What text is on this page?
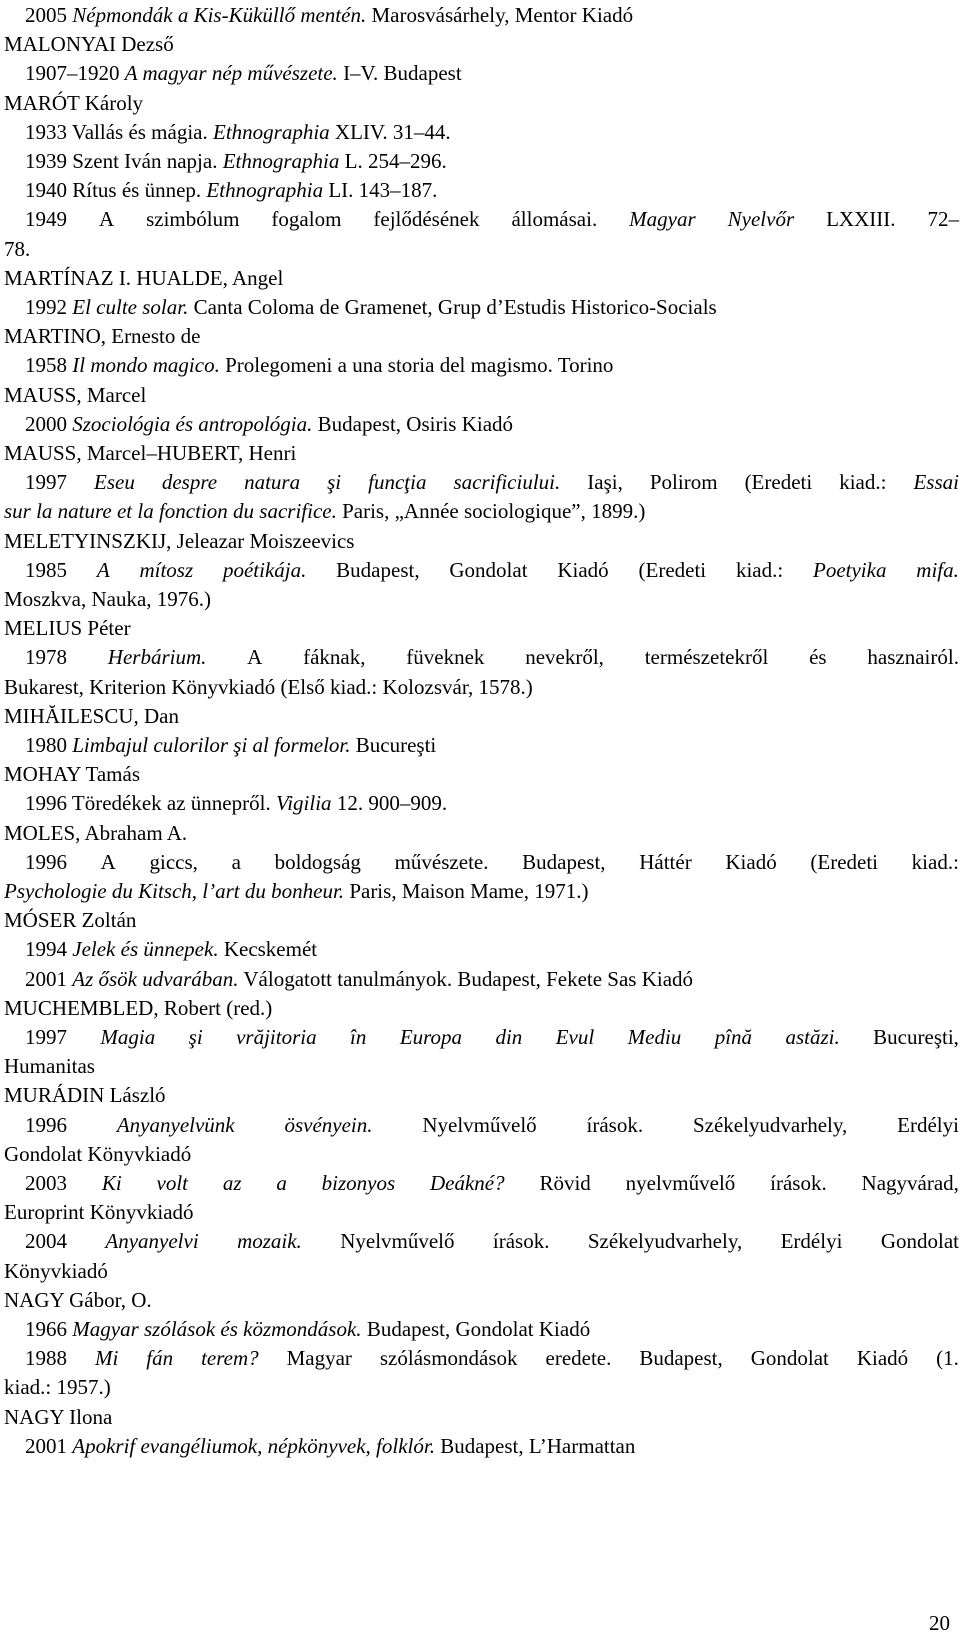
2005 Népmondák a Kis-Küküllő mentén. Marosvásárhely, Mentor Kiadó
MALONYAI Dezső
1907–1920 A magyar nép művészete. I–V. Budapest
MARÓT Károly
1933 Vallás és mágia. Ethnographia XLIV. 31–44.
1939 Szent Iván napja. Ethnographia L. 254–296.
1940 Rítus és ünnep. Ethnographia LI. 143–187.
1949 A szimbólum fogalom fejlődésének állomásai. Magyar Nyelvőr LXXIII. 72–
78.
MARTÍNAZ I. HUALDE, Angel
1992 El culte solar. Canta Coloma de Gramenet, Grup d’Estudis Historico-Socials
MARTINO, Ernesto de
1958 Il mondo magico. Prolegomeni a una storia del magismo. Torino
MAUSS, Marcel
2000 Szociológia és antropológia. Budapest, Osiris Kiadó
MAUSS, Marcel–HUBERT, Henri
1997 Eseu despre natura şi funcţia sacrificiului. Iaşi, Polirom (Eredeti kiad.: Essai
sur la nature et la fonction du sacrifice. Paris, „Année sociologique”, 1899.)
MELETYINSZKIJ, Jeleazar Moiszeevics
1985 A mítosz poétikája. Budapest, Gondolat Kiadó (Eredeti kiad.: Poetyika mifa.
Moszkva, Nauka, 1976.)
MELIUS Péter
1978 Herbárium. A fáknak, füveknek nevekről, természetekről és hasznairól.
Bukarest, Kriterion Könyvkiadó (Első kiad.: Kolozsvár, 1578.)
MIHĂILESCU, Dan
1980 Limbajul culorilor şi al formelor. Bucureşti
MOHAY Tamás
1996 Töredékek az ünnepről. Vigilia 12. 900–909.
MOLES, Abraham A.
1996 A giccs, a boldogság művészete. Budapest, Háttér Kiadó (Eredeti kiad.:
Psychologie du Kitsch, l’art du bonheur. Paris, Maison Mame, 1971.)
MÓSER Zoltán
1994 Jelek és ünnepek. Kecskemét
2001 Az ősök udvarában. Válogatott tanulmányok. Budapest, Fekete Sas Kiadó
MUCHEMBLED, Robert (red.)
1997 Magia şi vrăjitoria în Europa din Evul Mediu pînă astăzi. Bucureşti,
Humanitas
MURÁDIN László
1996 Anyanyelvünk ösvényein. Nyelvművelő írások. Székelyudvarhely, Erdélyi
Gondolat Könyvkiadó
2003 Ki volt az a bizonyos Deákné? Rövid nyelvművelő írások. Nagyvárad,
Europrint Könyvkiadó
2004 Anyanyelvi mozaik. Nyelvművelő írások. Székelyudvarhely, Erdélyi Gondolat
Könyvkiadó
NAGY Gábor, O.
1966 Magyar szólások és közmondások. Budapest, Gondolat Kiadó
1988 Mi fán terem? Magyar szólásmondások eredete. Budapest, Gondolat Kiadó (1.
kiad.: 1957.)
NAGY Ilona
2001 Apokrif evangéliumok, népkönyvek, folklór. Budapest, L’Harmattan
20
